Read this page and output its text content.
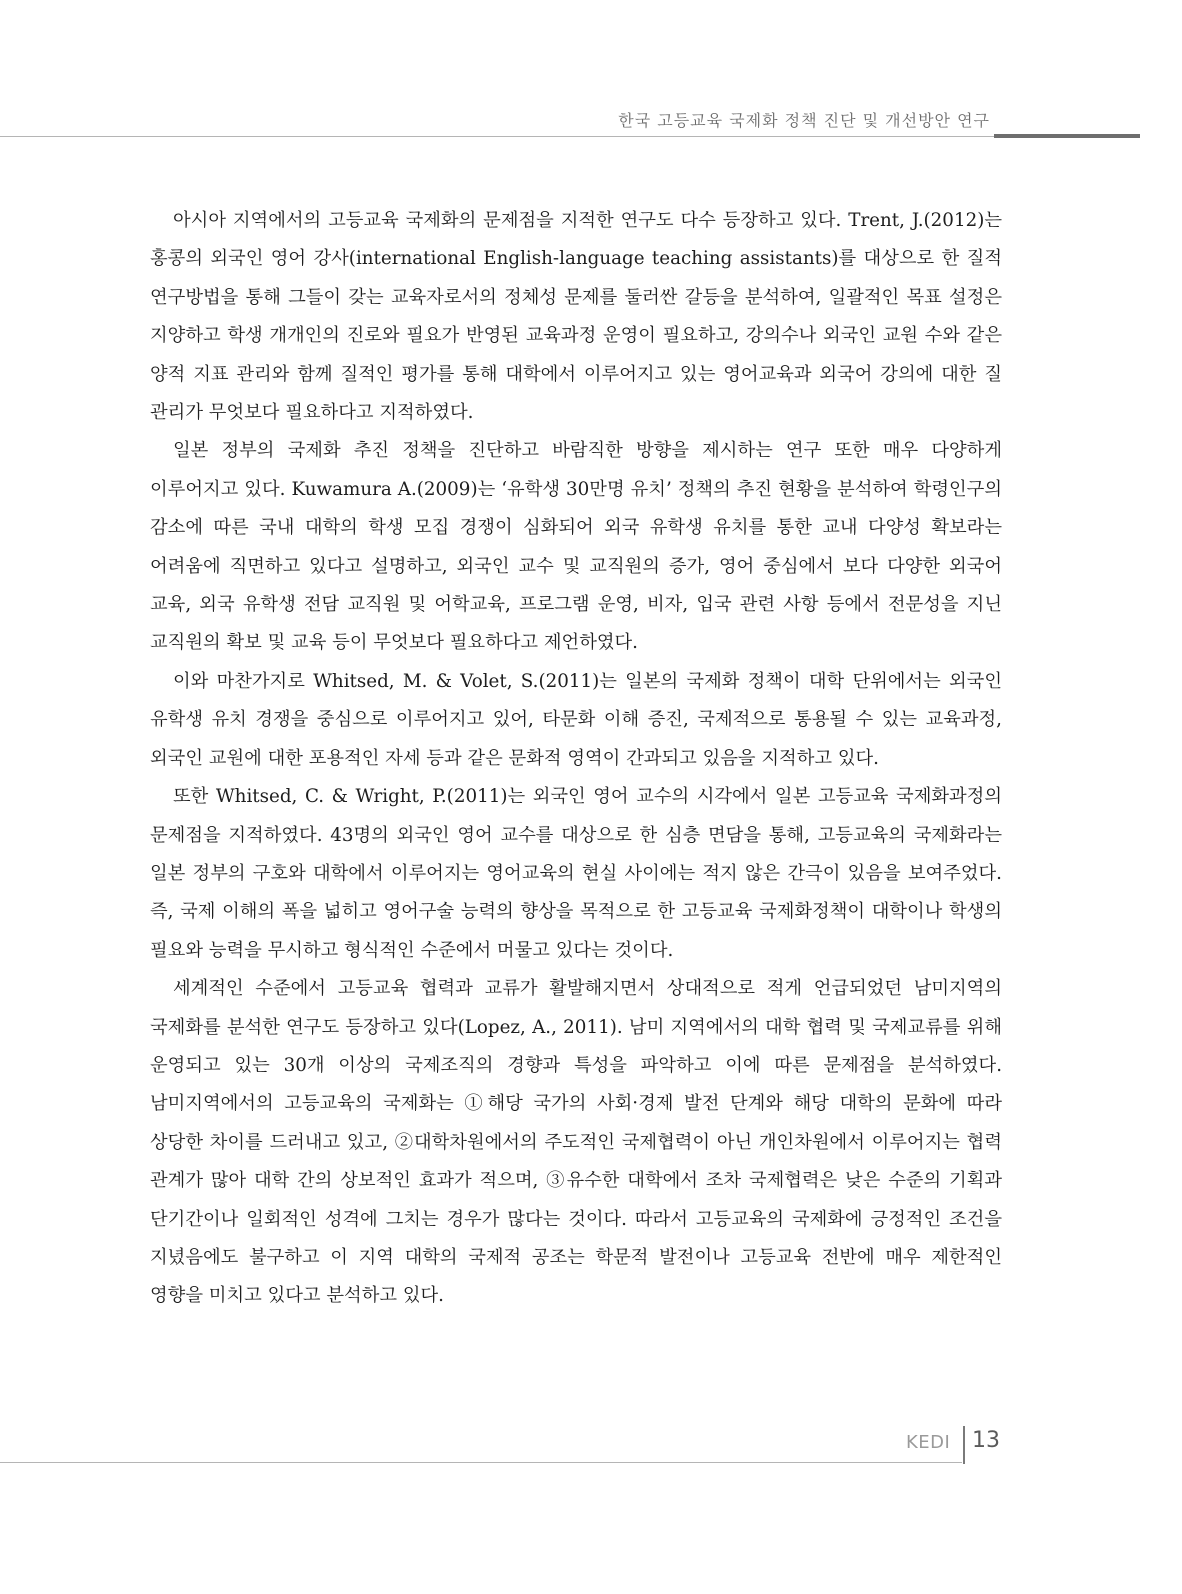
한국 고등교육 국제화 정책 진단 및 개선방안 연구

아시아 지역에서의 고등교육 국제화의 문제점을 지적한 연구도 다수 등장하고 있다. Trent, J.(2012)는 홍콩의 외국인 영어 강사(international English-language teaching assistants)를 대상으로 한 질적 연구방법을 통해 그들이 갖는 교육자로서의 정체성 문제를 둘러싼 갈등을 분석하여, 일괄적인 목표 설정은 지양하고 학생 개개인의 진로와 필요가 반영된 교육과정 운영이 필요하고, 강의수나 외국인 교원 수와 같은 양적 지표 관리와 함께 질적인 평가를 통해 대학에서 이루어지고 있는 영어교육과 외국어 강의에 대한 질 관리가 무엇보다 필요하다고 지적하였다.

일본 정부의 국제화 추진 정책을 진단하고 바람직한 방향을 제시하는 연구 또한 매우 다양하게 이루어지고 있다. Kuwamura A.(2009)는 ‘유학생 30만명 유치’ 정책의 추진 현황을 분석하여 학령인구의 감소에 따른 국내 대학의 학생 모집 경쟁이 심화되어 외국 유학생 유치를 통한 교내 다양성 확보라는 어려움에 직면하고 있다고 설명하고, 외국인 교수 및 교직원의 증가, 영어 중심에서 보다 다양한 외국어 교육, 외국 유학생 전담 교직원 및 어학교육, 프로그램 운영, 비자, 입국 관련 사항 등에서 전문성을 지닌 교직원의 확보 및 교육 등이 무엇보다 필요하다고 제언하였다.

이와 마찬가지로 Whitsed, M. & Volet, S.(2011)는 일본의 국제화 정책이 대학 단위에서는 외국인 유학생 유치 경쟁을 중심으로 이루어지고 있어, 타문화 이해 증진, 국제적으로 통용될 수 있는 교육과정, 외국인 교원에 대한 포용적인 자세 등과 같은 문화적 영역이 간과되고 있음을 지적하고 있다.

또한 Whitsed, C. & Wright, P.(2011)는 외국인 영어 교수의 시각에서 일본 고등교육 국제화과정의 문제점을 지적하였다. 43명의 외국인 영어 교수를 대상으로 한 심층 면담을 통해, 고등교육의 국제화라는 일본 정부의 구호와 대학에서 이루어지는 영어교육의 현실 사이에는 적지 않은 간극이 있음을 보여주었다. 즉, 국제 이해의 폭을 넓히고 영어구술 능력의 향상을 목적으로 한 고등교육 국제화정책이 대학이나 학생의 필요와 능력을 무시하고 형식적인 수준에서 머물고 있다는 것이다.

세계적인 수준에서 고등교육 협력과 교류가 활발해지면서 상대적으로 적게 언급되었던 남미지역의 국제화를 분석한 연구도 등장하고 있다(Lopez, A., 2011). 남미 지역에서의 대학 협력 및 국제교류를 위해 운영되고 있는 30개 이상의 국제조직의 경향과 특성을 파악하고 이에 따른 문제점을 분석하였다. 남미지역에서의 고등교육의 국제화는 ①해당 국가의 사회·경제 발전 단계와 해당 대학의 문화에 따라 상당한 차이를 드러내고 있고, ②대학차원에서의 주도적인 국제협력이 아닌 개인차원에서 이루어지는 협력 관계가 많아 대학 간의 상보적인 효과가 적으며, ③유수한 대학에서 조차 국제협력은 낮은 수준의 기획과 단기간이나 일회적인 성격에 그치는 경우가 많다는 것이다. 따라서 고등교육의 국제화에 긍정적인 조건을 지녔음에도 불구하고 이 지역 대학의 국제적 공조는 학문적 발전이나 고등교육 전반에 매우 제한적인 영향을 미치고 있다고 분석하고 있다.

KEDI 13
